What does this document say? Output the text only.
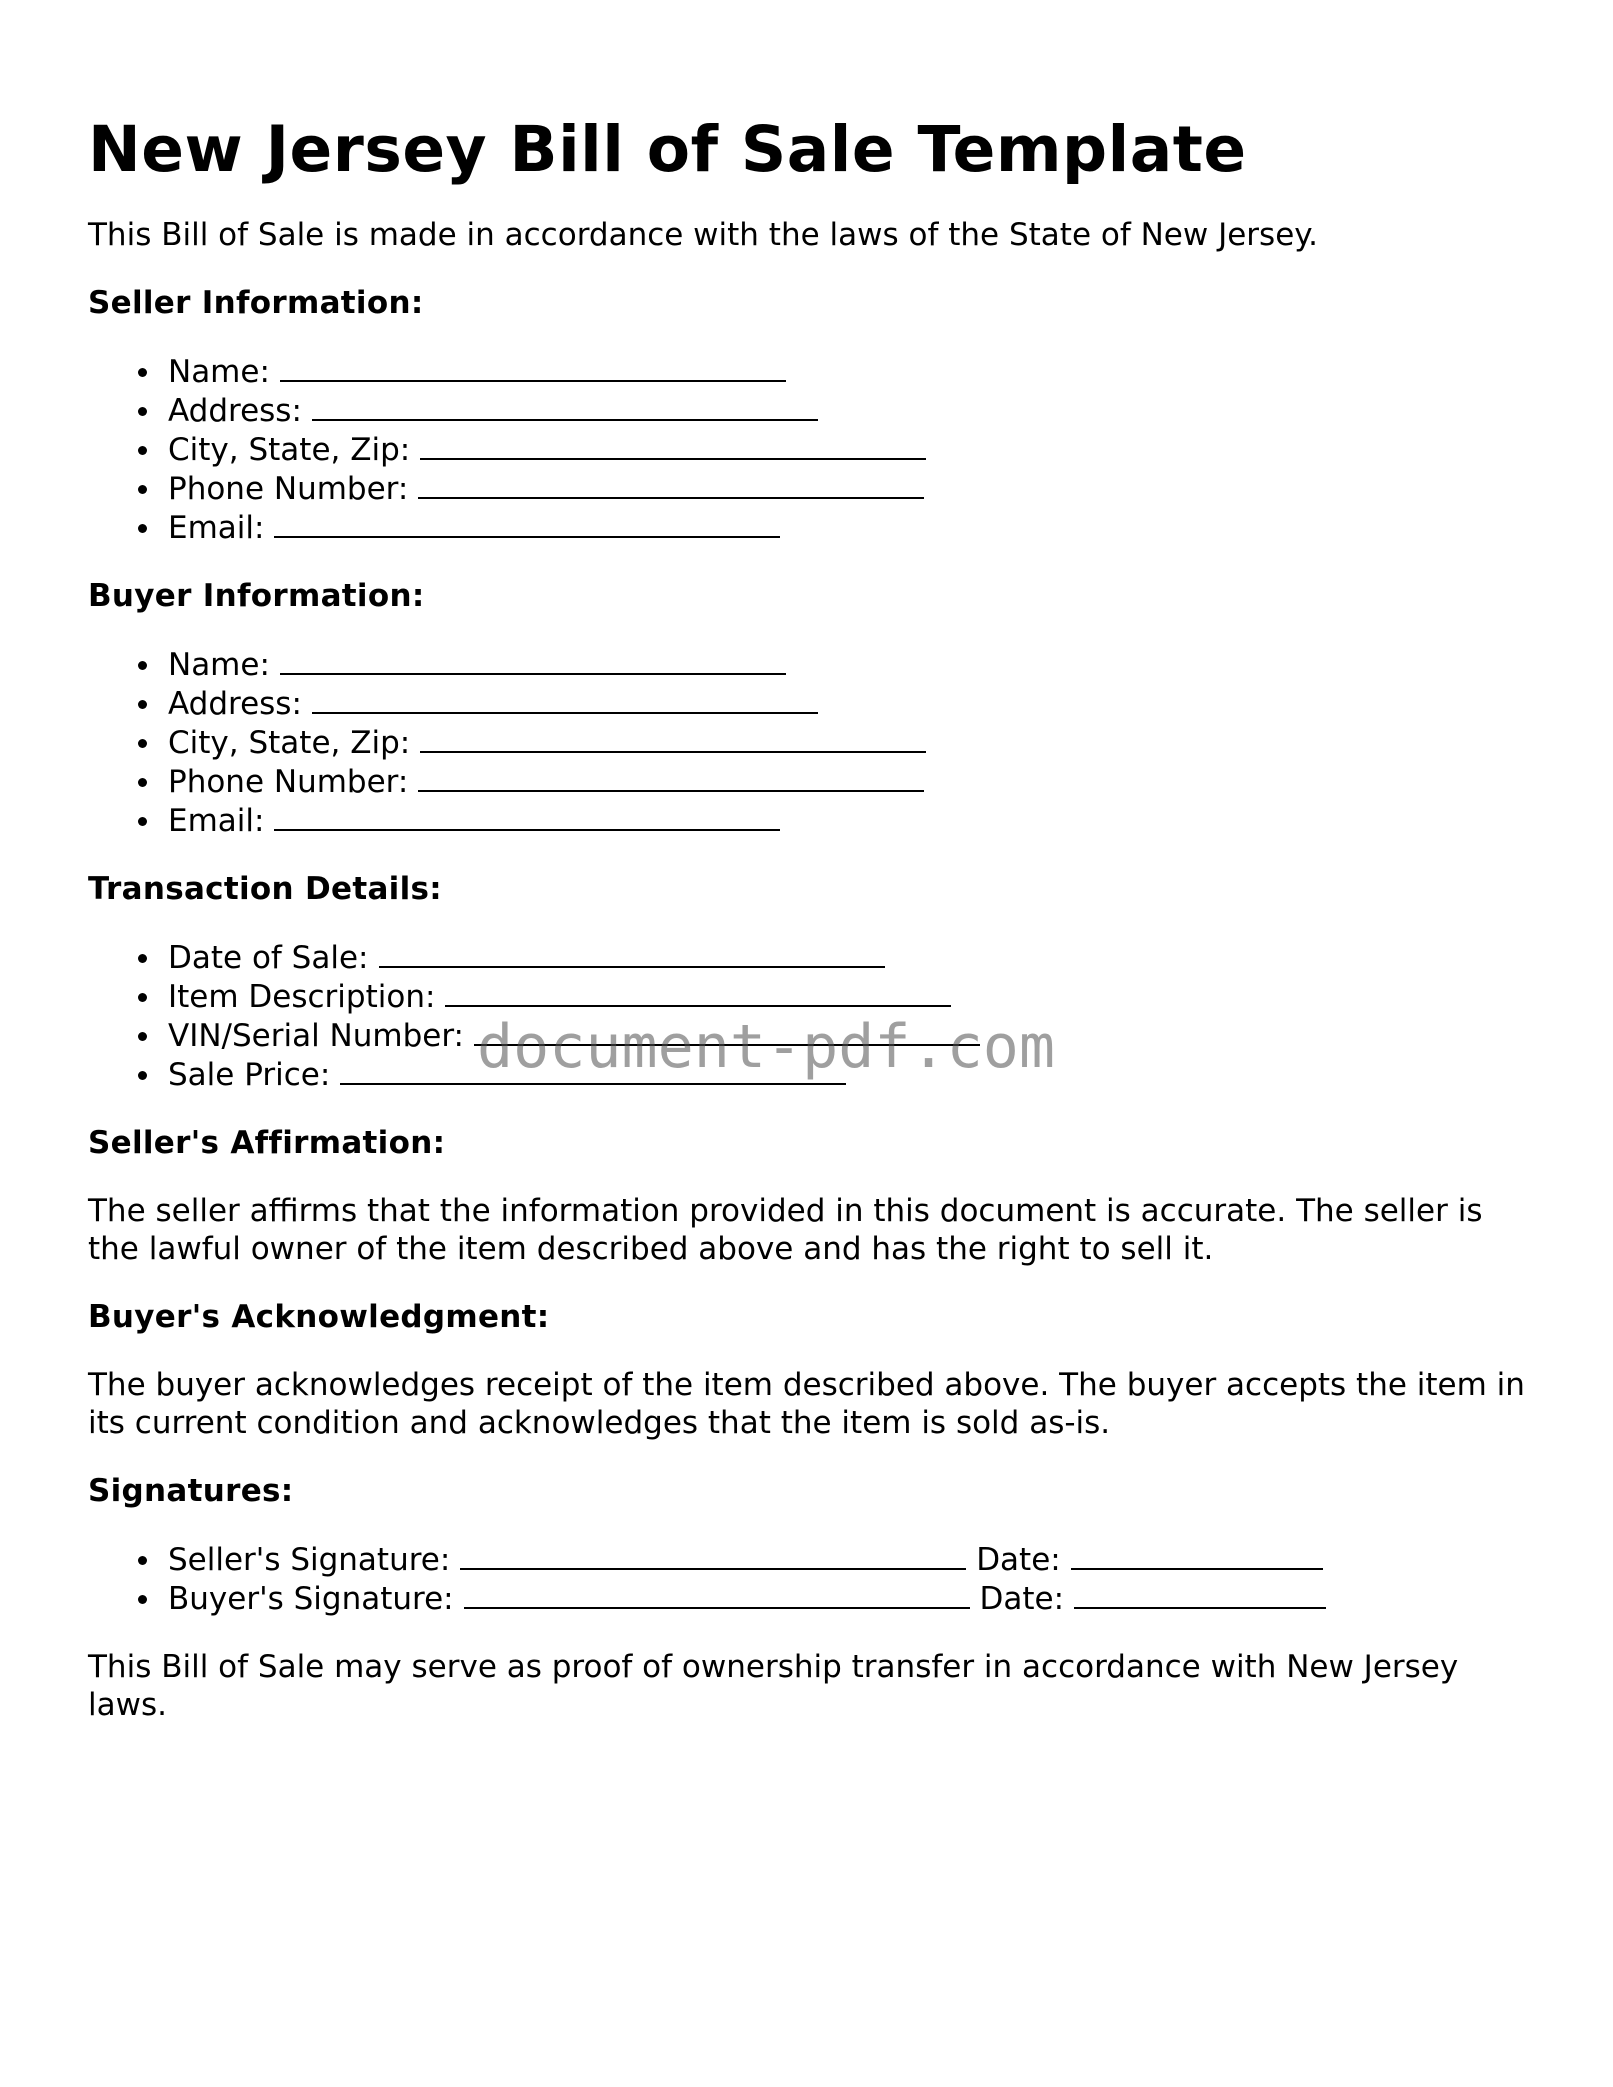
New Jersey Bill of Sale Template

This Bill of Sale is made in accordance with the laws of the State of New Jersey.

Seller Information:
Name:
Address:
City, State, Zip:
Phone Number:
Email:
Buyer Information:
Name:
Address:
City, State, Zip:
Phone Number:
Email:
Transaction Details:
Date of Sale:
Item Description:
VIN/Serial Number:
Sale Price:
Seller's Affirmation:

The seller affirms that the information provided in this document is accurate. The seller is the lawful owner of the item described above and has the right to sell it.

Buyer's Acknowledgment:

The buyer acknowledges receipt of the item described above. The buyer accepts the item in its current condition and acknowledges that the item is sold as-is.

Signatures:
Seller's Signature:	Date:
Buyer's Signature:	Date:

This Bill of Sale may serve as proof of ownership transfer in accordance with New Jersey laws.

document-pdf.com
